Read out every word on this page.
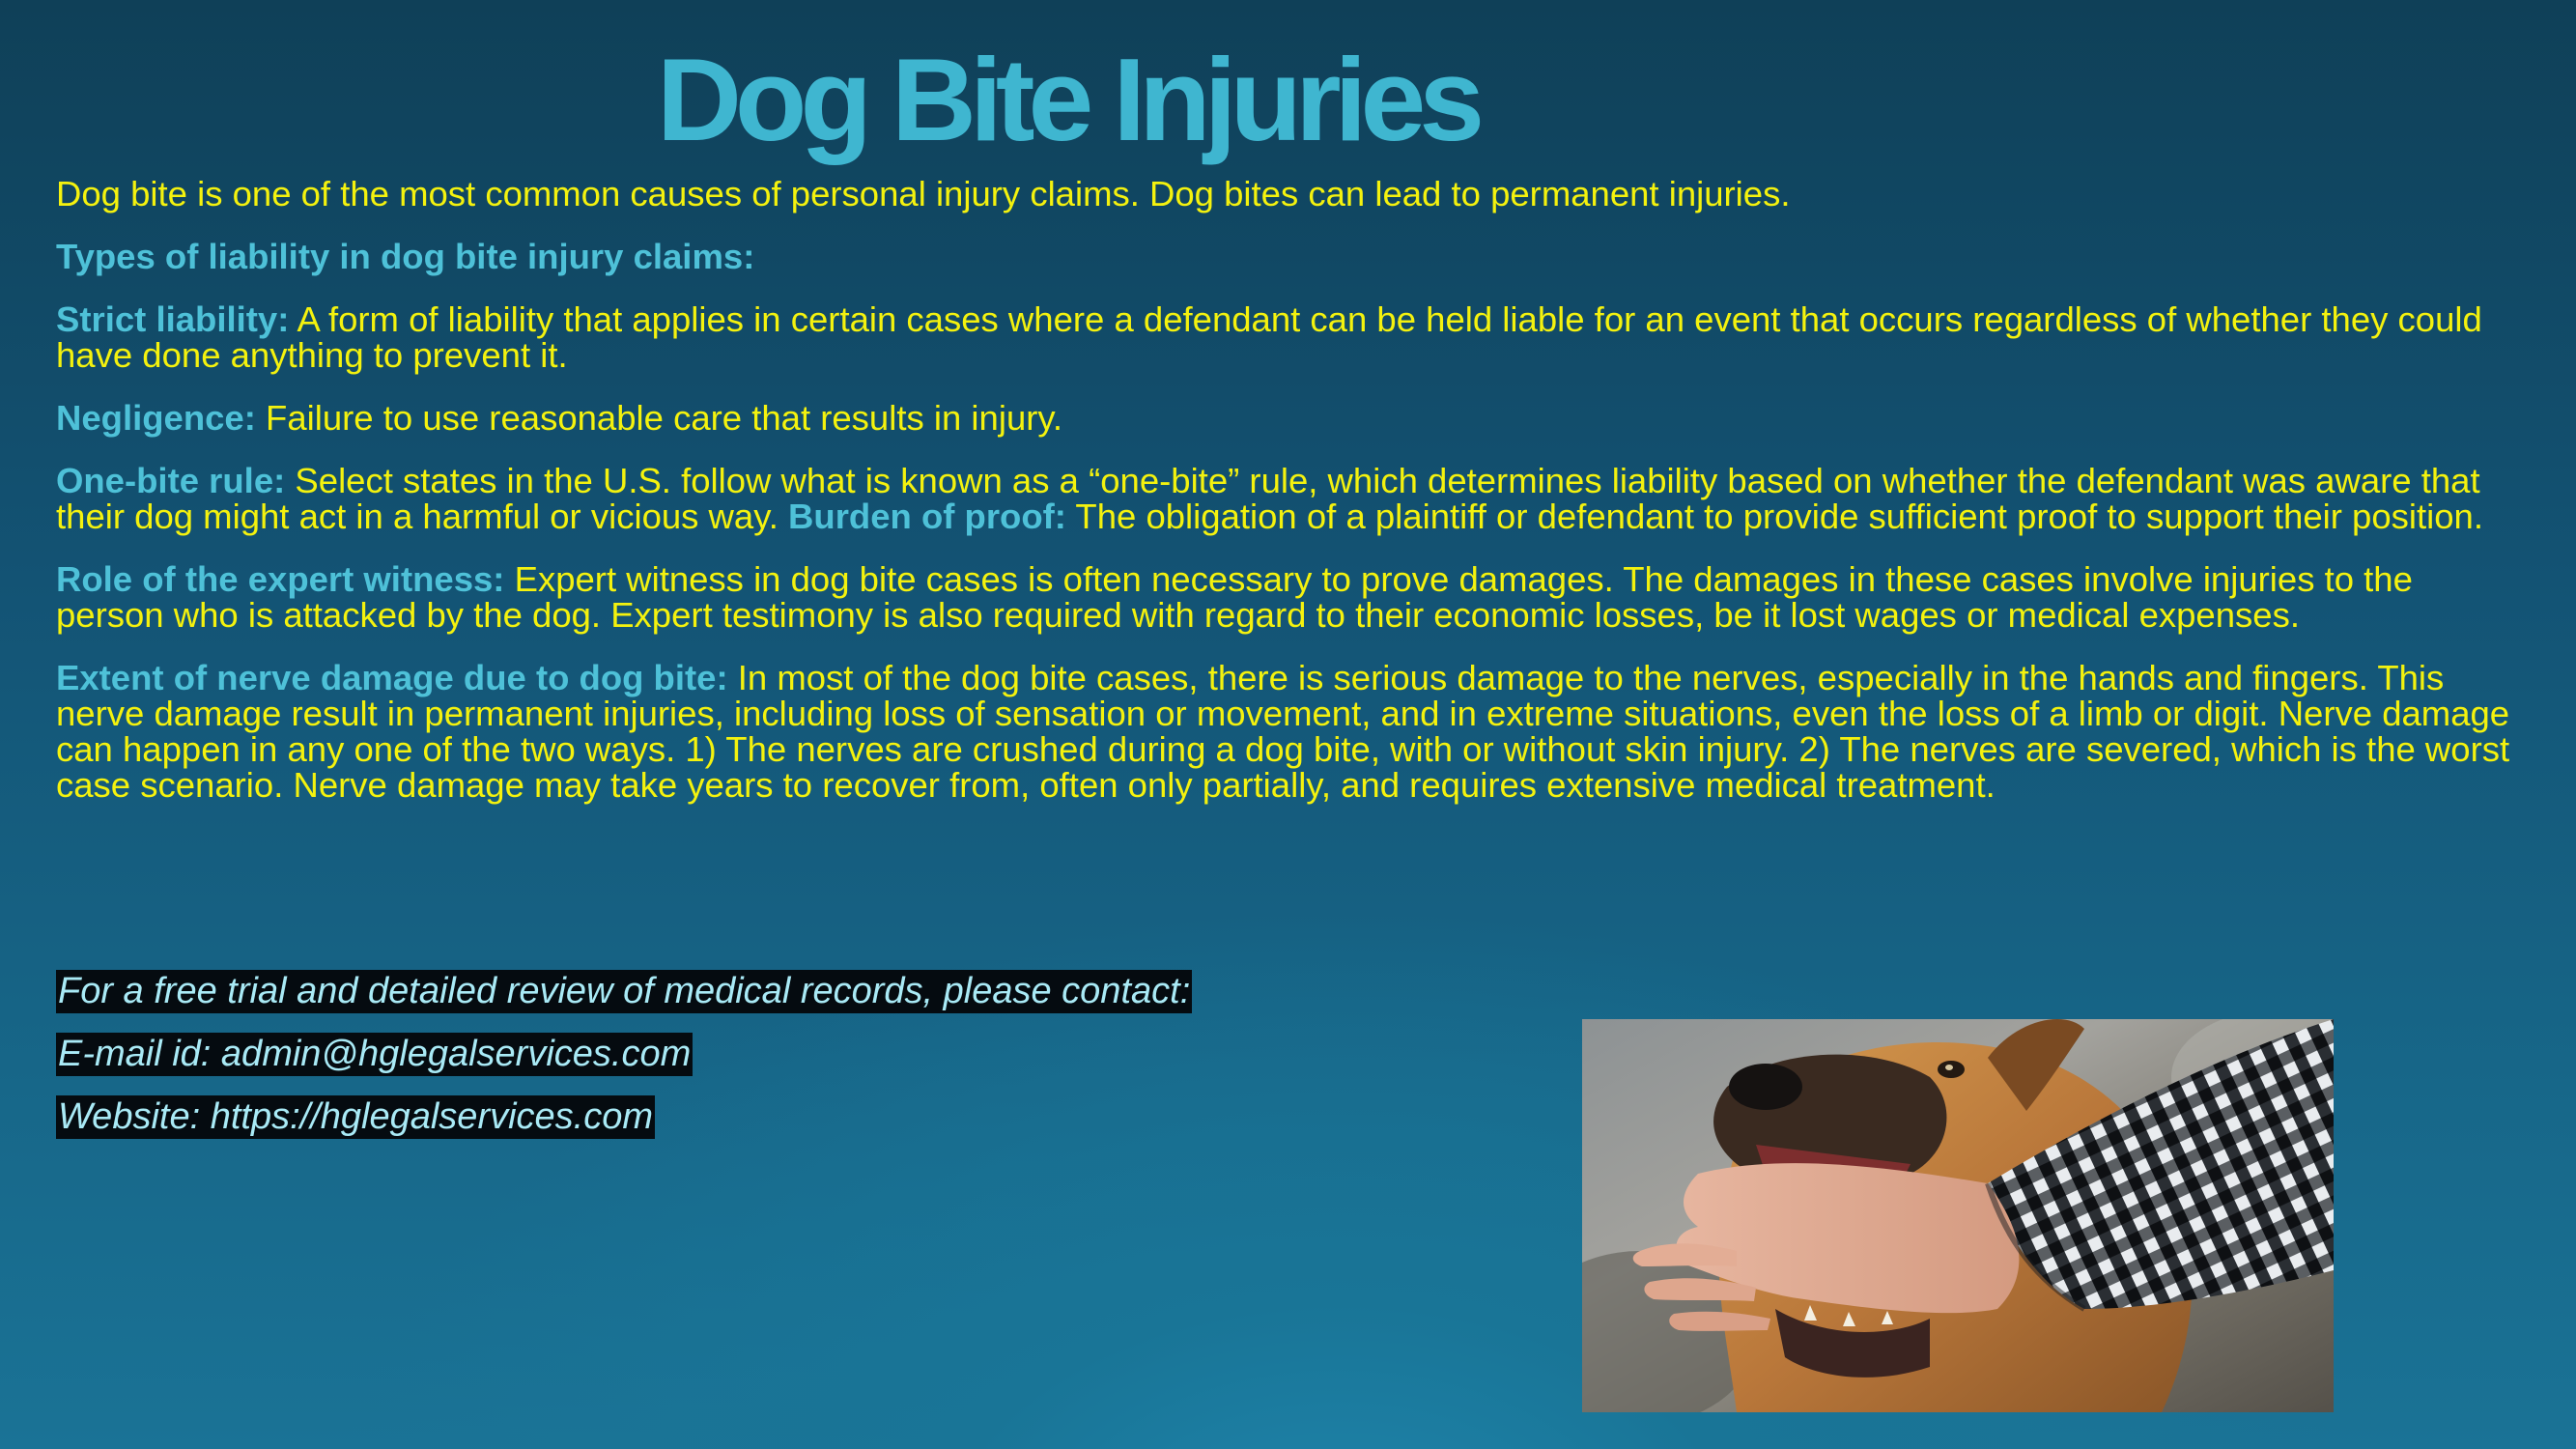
Dog Bite Injuries

Dog bite is one of the most common causes of personal injury claims. Dog bites can lead to permanent injuries.

Types of liability in dog bite injury claims:

Strict liability: A form of liability that applies in certain cases where a defendant can be held liable for an event that occurs regardless of whether they could have done anything to prevent it.

Negligence: Failure to use reasonable care that results in injury.

One-bite rule: Select states in the U.S. follow what is known as a “one-bite” rule, which determines liability based on whether the defendant was aware that their dog might act in a harmful or vicious way. Burden of proof: The obligation of a plaintiff or defendant to provide sufficient proof to support their position.

Role of the expert witness: Expert witness in dog bite cases is often necessary to prove damages. The damages in these cases involve injuries to the person who is attacked by the dog. Expert testimony is also required with regard to their economic losses, be it lost wages or medical expenses.

Extent of nerve damage due to dog bite: In most of the dog bite cases, there is serious damage to the nerves, especially in the hands and fingers. This nerve damage result in permanent injuries, including loss of sensation or movement, and in extreme situations, even the loss of a limb or digit. Nerve damage can happen in any one of the two ways. 1) The nerves are crushed during a dog bite, with or without skin injury. 2) The nerves are severed, which is the worst case scenario. Nerve damage may take years to recover from, often only partially, and requires extensive medical treatment.

For a free trial and detailed review of medical records, please contact:
E-mail id: admin@hglegalservices.com
Website: https://hglegalservices.com
